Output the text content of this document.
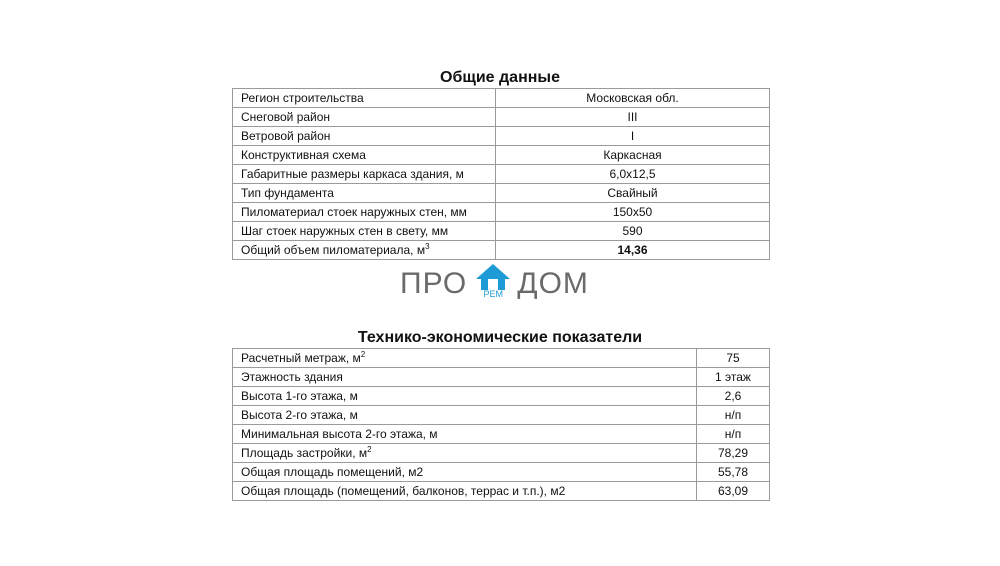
Общие данные
Регион строительства	Московская обл.
Снеговой район	III
Ветровой район	I
Конструктивная схема	Каркасная
Габаритные размеры каркаса здания, м	6,0х12,5
Тип фундамента	Свайный
Пиломатериал стоек наружных стен, мм	150х50
Шаг стоек наружных стен в свету, мм	590
Общий объем пиломатериала, $м^3$	14,36
ПРО	РЕМ ДОМ
Технико-экономические показатели
Расчетный метраж, $м^2$	75
Этажность здания	1 этаж
Высота 1-го этажа, м	2,6
Высота 2-го этажа, м	н/п
Минимальная высота 2-го этажа, м	н/п
Площадь застройки, $м^2$	78,29
Общая площадь помещений, м2	55,78
Общая площадь (помещений, балконов, террас и т.п.), м2	63,09
